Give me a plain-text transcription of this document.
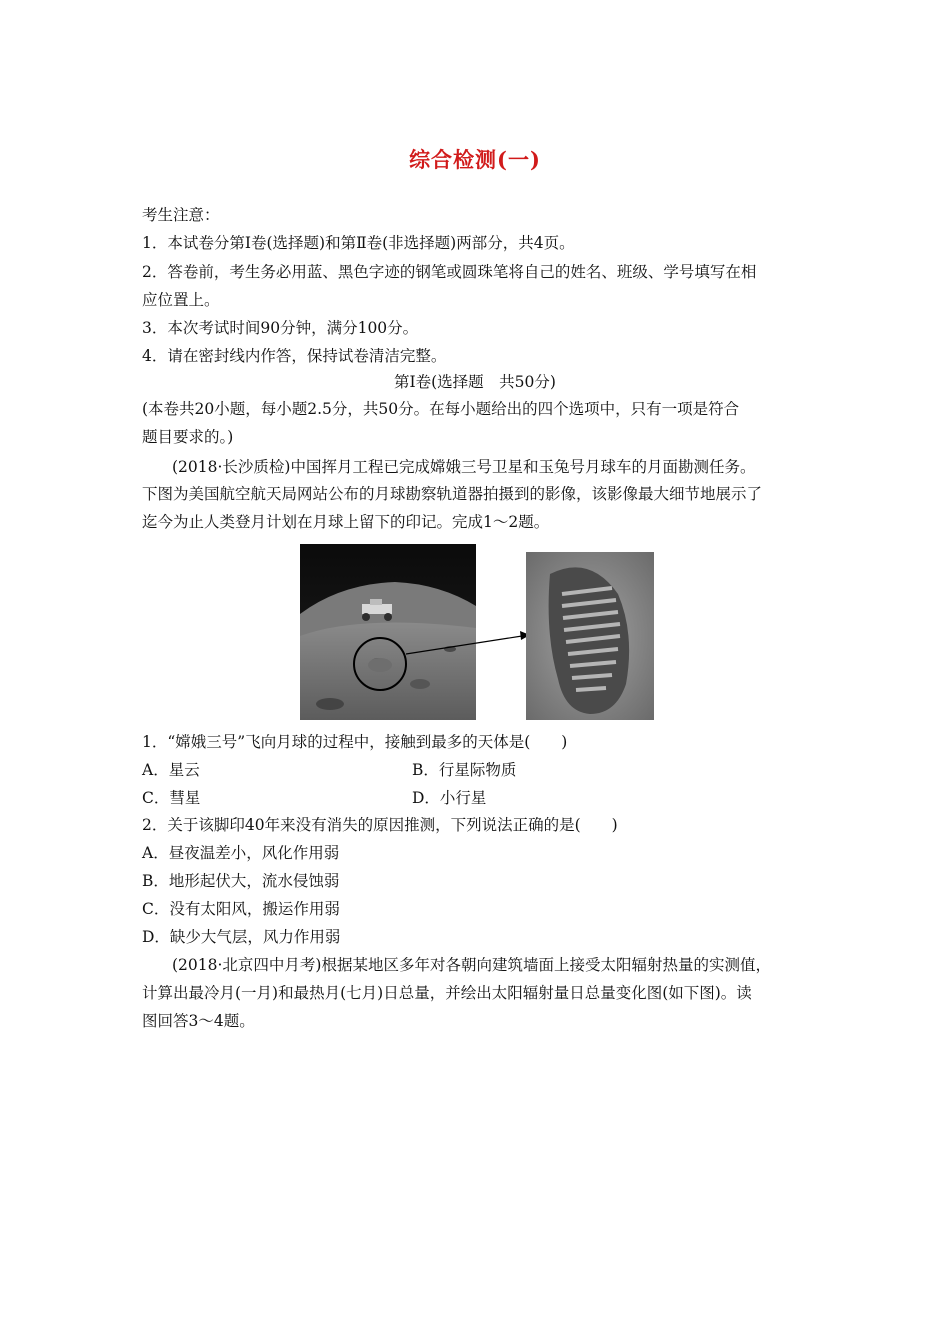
综合检测(一)
考生注意：
1．本试卷分第Ⅰ卷(选择题)和第Ⅱ卷(非选择题)两部分，共4页。
2．答卷前，考生务必用蓝、黑色字迹的钢笔或圆珠笔将自己的姓名、班级、学号填写在相
应位置上。
3．本次考试时间90分钟，满分100分。
4．请在密封线内作答，保持试卷清洁完整。
第Ⅰ卷(选择题　共50分)
(本卷共20小题，每小题2.5分，共50分。在每小题给出的四个选项中，只有一项是符合
题目要求的。)
(2018·长沙质检)中国挥月工程已完成嫦娥三号卫星和玉兔号月球车的月面勘测任务。
下图为美国航空航天局网站公布的月球勘察轨道器拍摄到的影像，该影像最大细节地展示了
迄今为止人类登月计划在月球上留下的印记。完成1～2题。
1．“嫦娥三号”飞向月球的过程中，接触到最多的天体是(　　)
A．星云	B．行星际物质
C．彗星	D．小行星
2．关于该脚印40年来没有消失的原因推测，下列说法正确的是(　　)
A．昼夜温差小，风化作用弱
B．地形起伏大，流水侵蚀弱
C．没有太阳风，搬运作用弱
D．缺少大气层，风力作用弱
(2018·北京四中月考)根据某地区多年对各朝向建筑墙面上接受太阳辐射热量的实测值，
计算出最冷月(一月)和最热月(七月)日总量，并绘出太阳辐射量日总量变化图(如下图)。读
图回答3～4题。
